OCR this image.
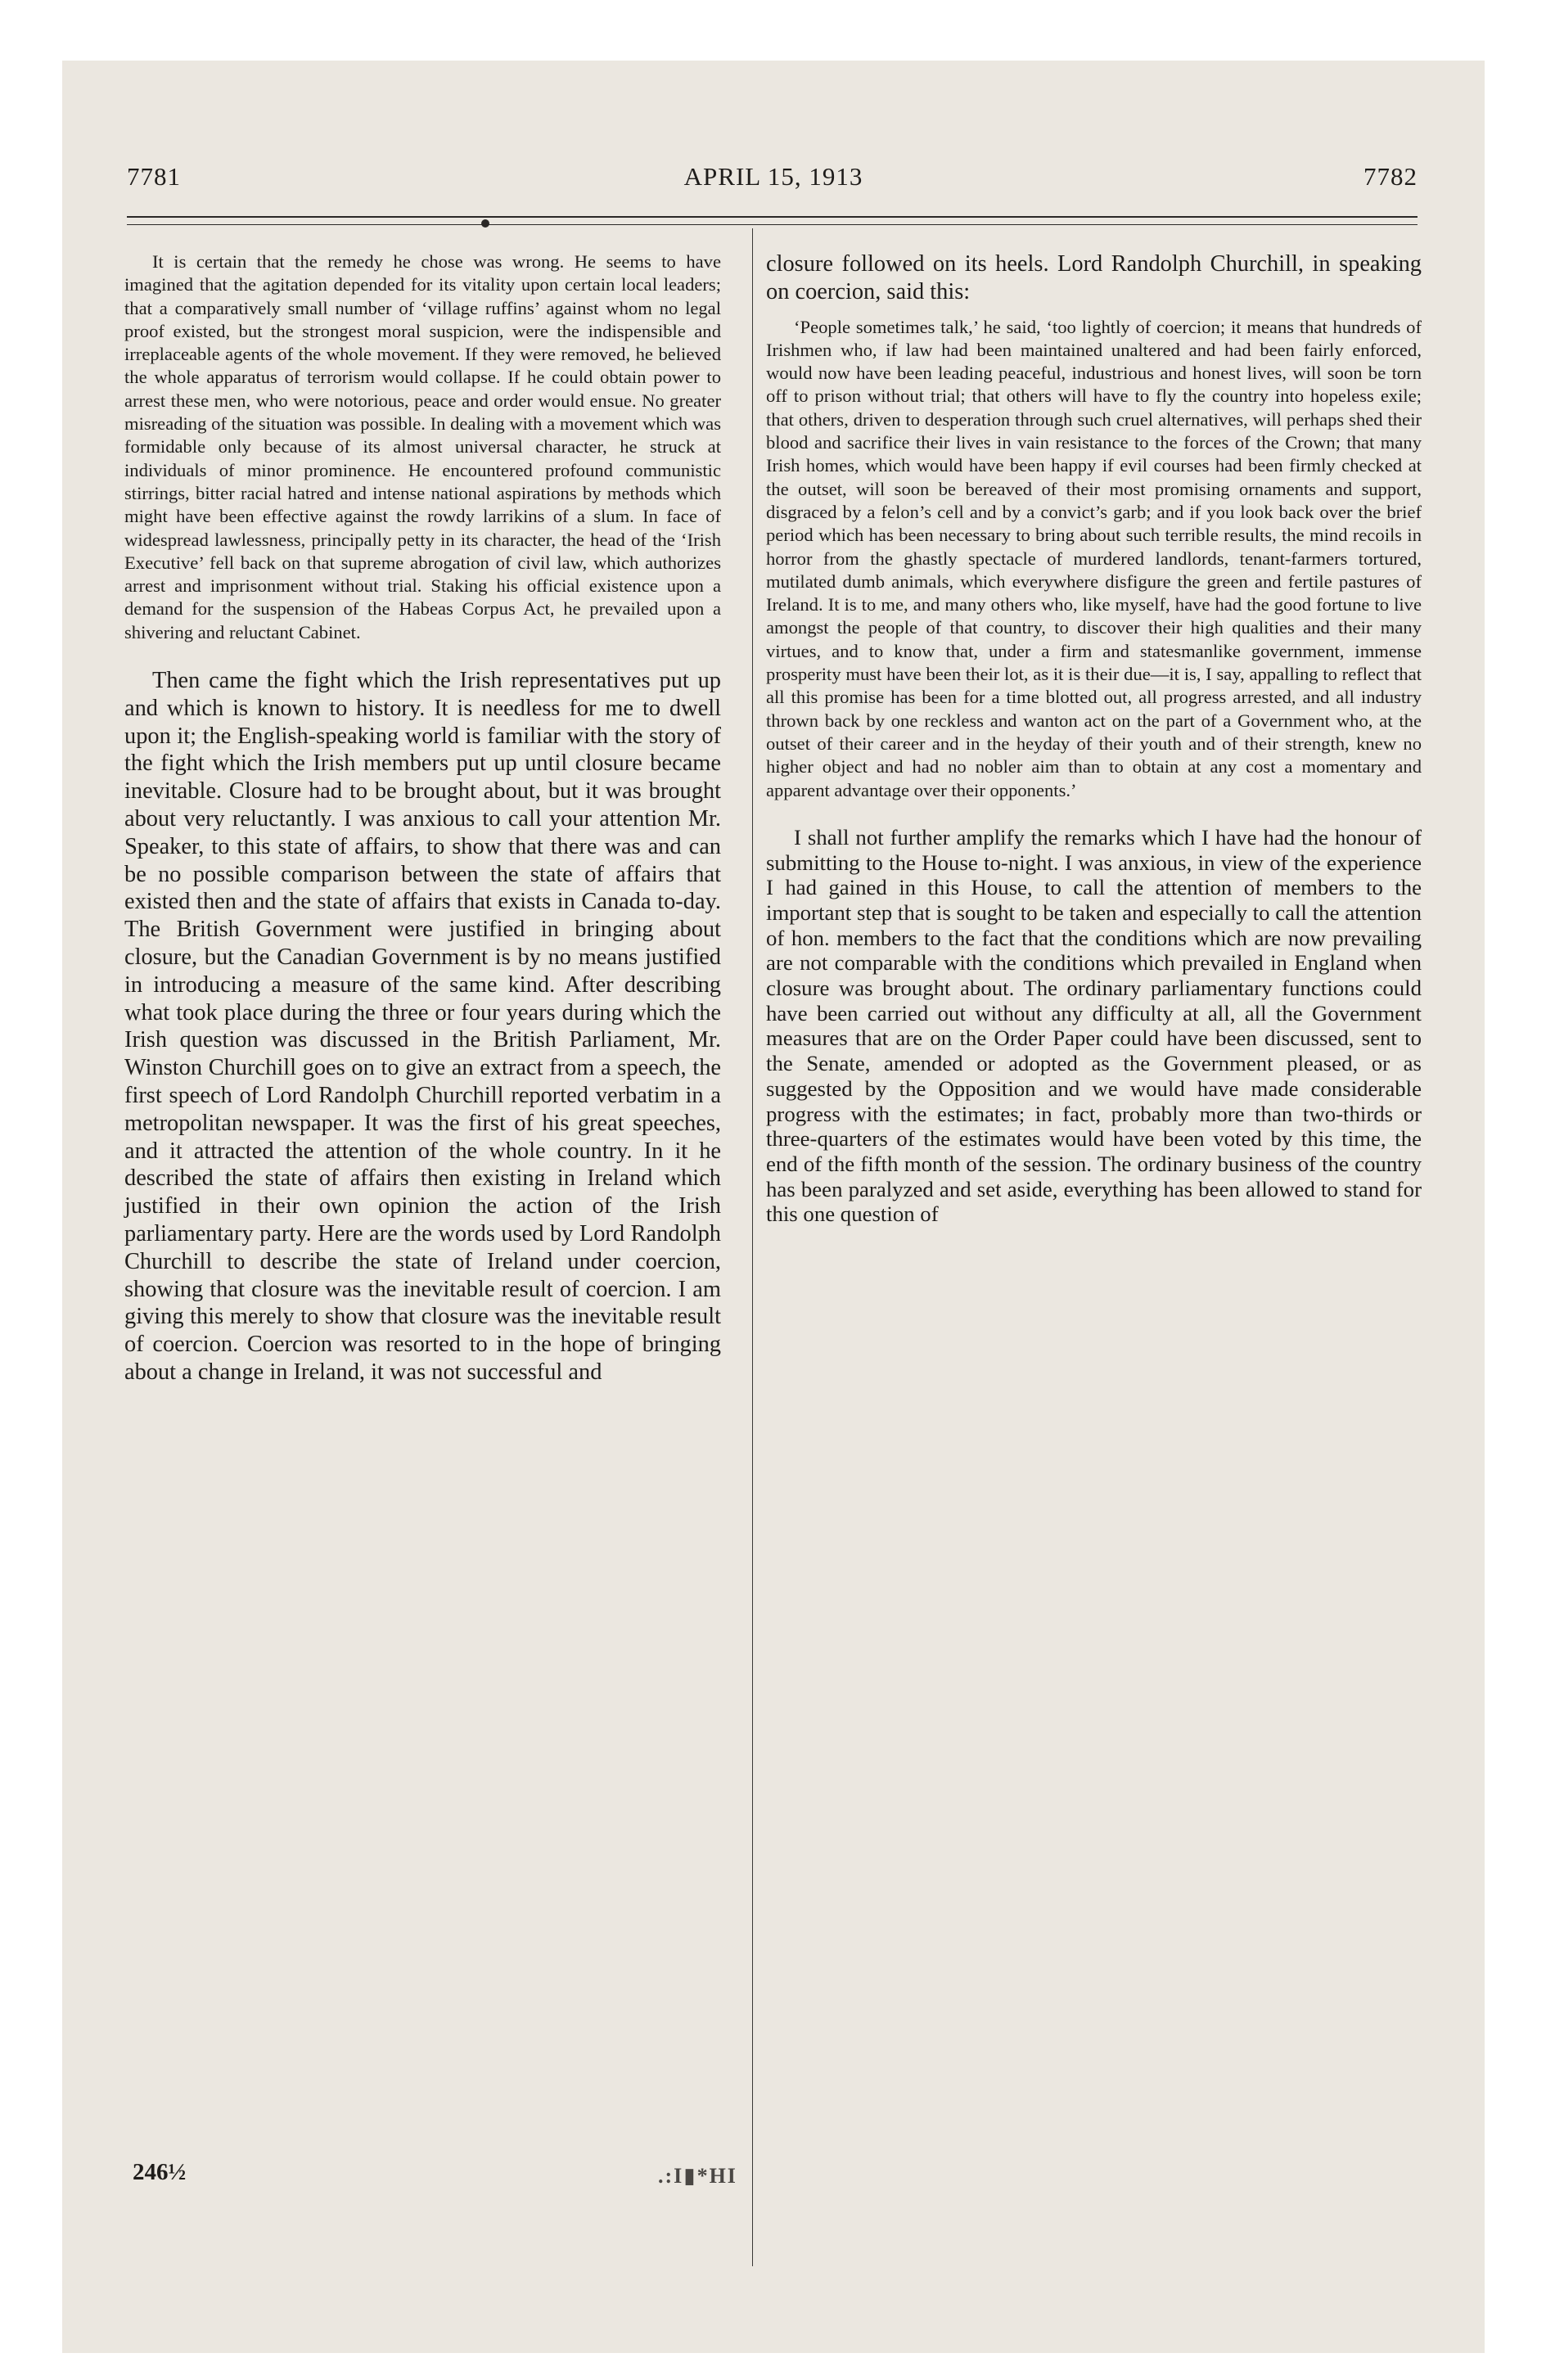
7781	APRIL 15, 1913	7782

It is certain that the remedy he chose was wrong. He seems to have imagined that the agitation depended for its vitality upon certain local leaders; that a comparatively small number of ‘village ruffins’ against whom no legal proof existed, but the strongest moral suspicion, were the indispensible and irreplaceable agents of the whole movement. If they were removed, he believed the whole apparatus of terrorism would collapse. If he could obtain power to arrest these men, who were notorious, peace and order would ensue. No greater misreading of the situation was possible. In dealing with a movement which was formidable only because of its almost universal character, he struck at individuals of minor prominence. He encountered profound communistic stirrings, bitter racial hatred and intense national aspirations by methods which might have been effective against the rowdy larrikins of a slum. In face of widespread lawlessness, principally petty in its character, the head of the ‘Irish Executive’ fell back on that supreme abrogation of civil law, which authorizes arrest and imprisonment without trial. Staking his official existence upon a demand for the suspension of the Habeas Corpus Act, he prevailed upon a shivering and reluctant Cabinet.

Then came the fight which the Irish representatives put up and which is known to history. It is needless for me to dwell upon it; the English-speaking world is familiar with the story of the fight which the Irish members put up until closure became inevitable. Closure had to be brought about, but it was brought about very reluctantly. I was anxious to call your attention Mr. Speaker, to this state of affairs, to show that there was and can be no possible comparison between the state of affairs that existed then and the state of affairs that exists in Canada to-day. The British Government were justified in bringing about closure, but the Canadian Government is by no means justified in introducing a measure of the same kind. After describing what took place during the three or four years during which the Irish question was discussed in the British Parliament, Mr. Winston Churchill goes on to give an extract from a speech, the first speech of Lord Randolph Churchill reported verbatim in a metropolitan newspaper. It was the first of his great speeches, and it attracted the attention of the whole country. In it he described the state of affairs then existing in Ireland which justified in their own opinion the action of the Irish parliamentary party. Here are the words used by Lord Randolph Churchill to describe the state of Ireland under coercion, showing that closure was the inevitable result of coercion. I am giving this merely to show that closure was the inevitable result of coercion. Coercion was resorted to in the hope of bringing about a change in Ireland, it was not successful and

closure followed on its heels. Lord Randolph Churchill, in speaking on coercion, said this:

‘People sometimes talk,’ he said, ‘too lightly of coercion; it means that hundreds of Irishmen who, if law had been maintained unaltered and had been fairly enforced, would now have been leading peaceful, industrious and honest lives, will soon be torn off to prison without trial; that others will have to fly the country into hopeless exile; that others, driven to desperation through such cruel alternatives, will perhaps shed their blood and sacrifice their lives in vain resistance to the forces of the Crown; that many Irish homes, which would have been happy if evil courses had been firmly checked at the outset, will soon be bereaved of their most promising ornaments and support, disgraced by a felon’s cell and by a convict’s garb; and if you look back over the brief period which has been necessary to bring about such terrible results, the mind recoils in horror from the ghastly spectacle of murdered landlords, tenant-farmers tortured, mutilated dumb animals, which everywhere disfigure the green and fertile pastures of Ireland. It is to me, and many others who, like myself, have had the good fortune to live amongst the people of that country, to discover their high qualities and their many virtues, and to know that, under a firm and statesmanlike government, immense prosperity must have been their lot, as it is their due—it is, I say, appalling to reflect that all this promise has been for a time blotted out, all progress arrested, and all industry thrown back by one reckless and wanton act on the part of a Government who, at the outset of their career and in the heyday of their youth and of their strength, knew no higher object and had no nobler aim than to obtain at any cost a momentary and apparent advantage over their opponents.’

I shall not further amplify the remarks which I have had the honour of submitting to the House to-night. I was anxious, in view of the experience I had gained in this House, to call the attention of members to the important step that is sought to be taken and especially to call the attention of hon. members to the fact that the conditions which are now prevailing are not comparable with the conditions which prevailed in England when closure was brought about. The ordinary parliamentary functions could have been carried out without any difficulty at all, all the Government measures that are on the Order Paper could have been discussed, sent to the Senate, amended or adopted as the Government pleased, or as suggested by the Opposition and we would have made considerable progress with the estimates; in fact, probably more than two-thirds or three-quarters of the estimates would have been voted by this time, the end of the fifth month of the session. The ordinary business of the country has been paralyzed and set aside, everything has been allowed to stand for this one question of

246½	.:I▮*HI
